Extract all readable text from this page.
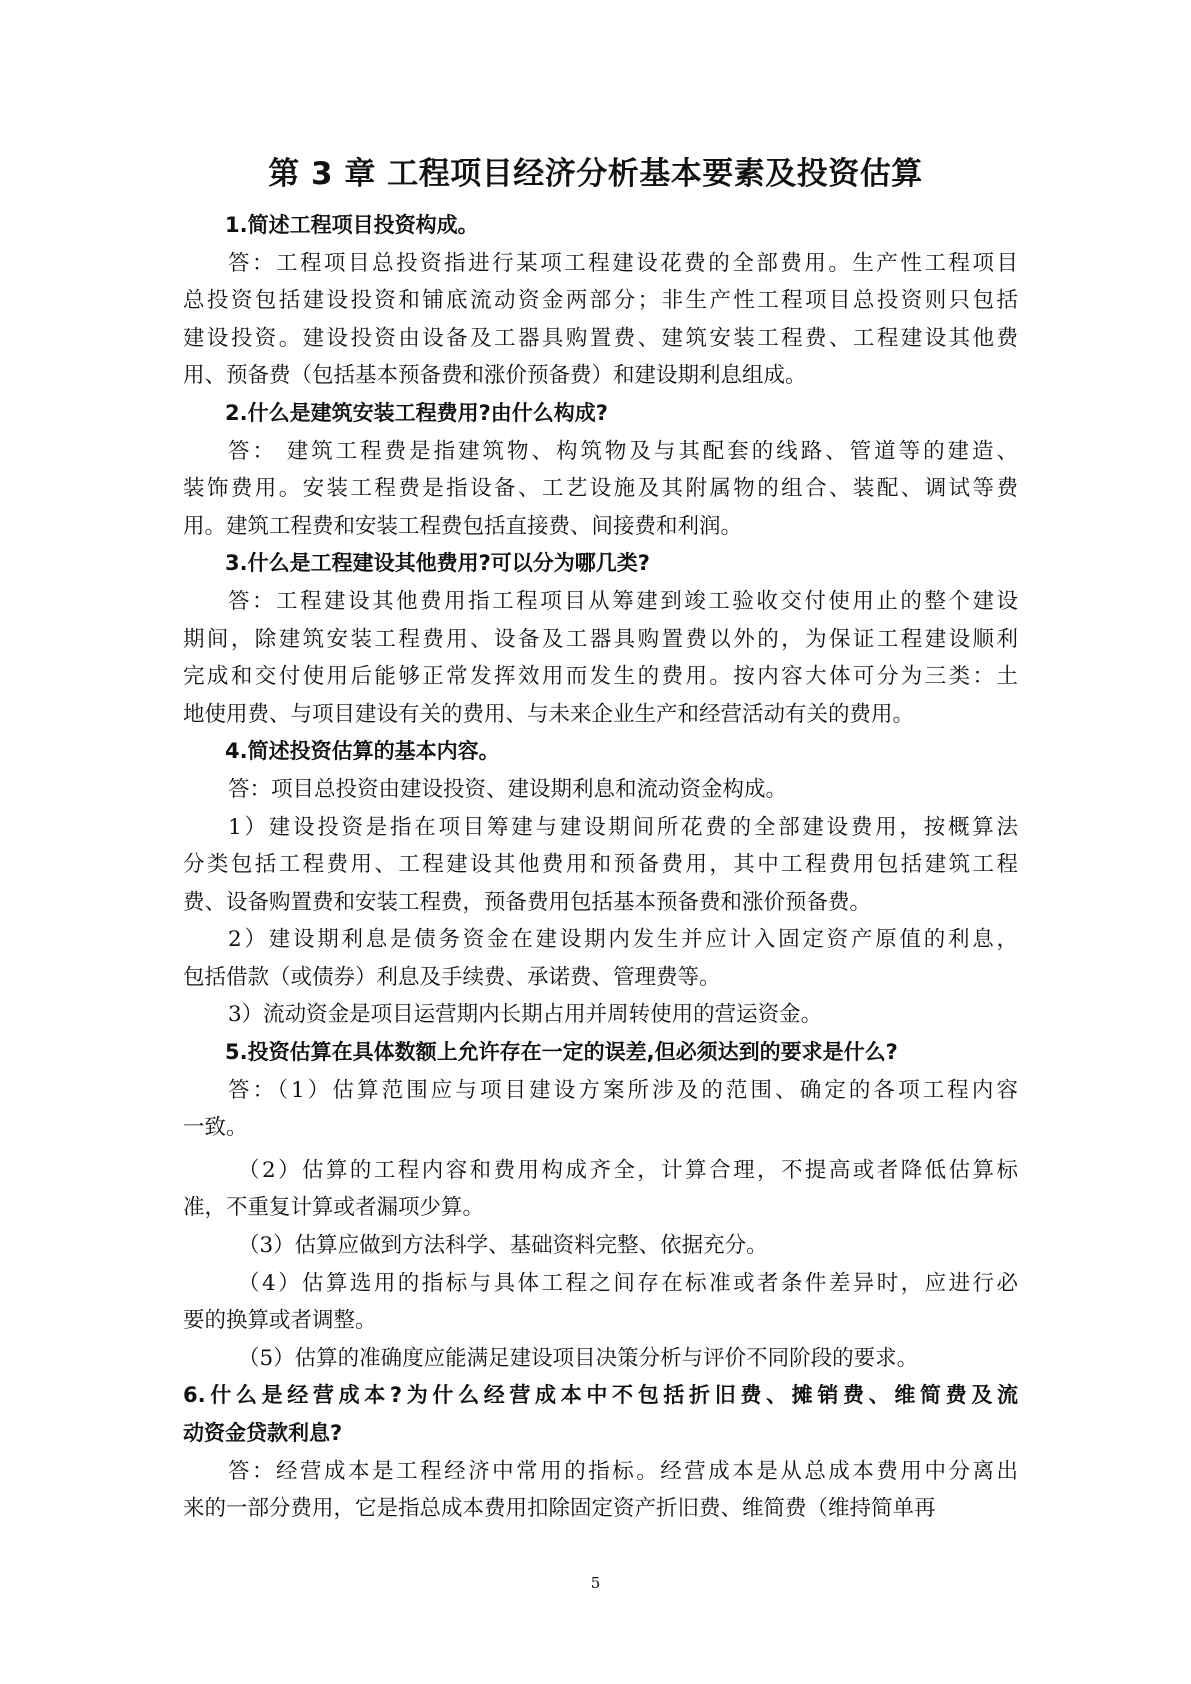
第 3 章 工程项目经济分析基本要素及投资估算
1.简述工程项目投资构成。
答：工程项目总投资指进行某项工程建设花费的全部费用。生产性工程项目
总投资包括建设投资和铺底流动资金两部分；非生产性工程项目总投资则只包括
建设投资。建设投资由设备及工器具购置费、建筑安装工程费、工程建设其他费
用、预备费（包括基本预备费和涨价预备费）和建设期利息组成。
2.什么是建筑安装工程费用?由什么构成?
答： 建筑工程费是指建筑物、构筑物及与其配套的线路、管道等的建造、
装饰费用。安装工程费是指设备、工艺设施及其附属物的组合、装配、调试等费
用。建筑工程费和安装工程费包括直接费、间接费和利润。
3.什么是工程建设其他费用?可以分为哪几类?
答：工程建设其他费用指工程项目从筹建到竣工验收交付使用止的整个建设
期间，除建筑安装工程费用、设备及工器具购置费以外的，为保证工程建设顺利
完成和交付使用后能够正常发挥效用而发生的费用。按内容大体可分为三类：土
地使用费、与项目建设有关的费用、与未来企业生产和经营活动有关的费用。
4.简述投资估算的基本内容。
答：项目总投资由建设投资、建设期利息和流动资金构成。
1）建设投资是指在项目筹建与建设期间所花费的全部建设费用，按概算法
分类包括工程费用、工程建设其他费用和预备费用，其中工程费用包括建筑工程
费、设备购置费和安装工程费，预备费用包括基本预备费和涨价预备费。
2）建设期利息是债务资金在建设期内发生并应计入固定资产原值的利息，
包括借款（或债券）利息及手续费、承诺费、管理费等。
3）流动资金是项目运营期内长期占用并周转使用的营运资金。
5.投资估算在具体数额上允许存在一定的误差,但必须达到的要求是什么?
答：（1）估算范围应与项目建设方案所涉及的范围、确定的各项工程内容
一致。
（2）估算的工程内容和费用构成齐全，计算合理，不提高或者降低估算标
准，不重复计算或者漏项少算。
（3）估算应做到方法科学、基础资料完整、依据充分。
（4）估算选用的指标与具体工程之间存在标准或者条件差异时，应进行必
要的换算或者调整。
（5）估算的准确度应能满足建设项目决策分析与评价不同阶段的要求。
6.什么是经营成本?为什么经营成本中不包括折旧费、摊销费、维简费及流
动资金贷款利息?
答：经营成本是工程经济中常用的指标。经营成本是从总成本费用中分离出
来的一部分费用，它是指总成本费用扣除固定资产折旧费、维简费（维持简单再
5
